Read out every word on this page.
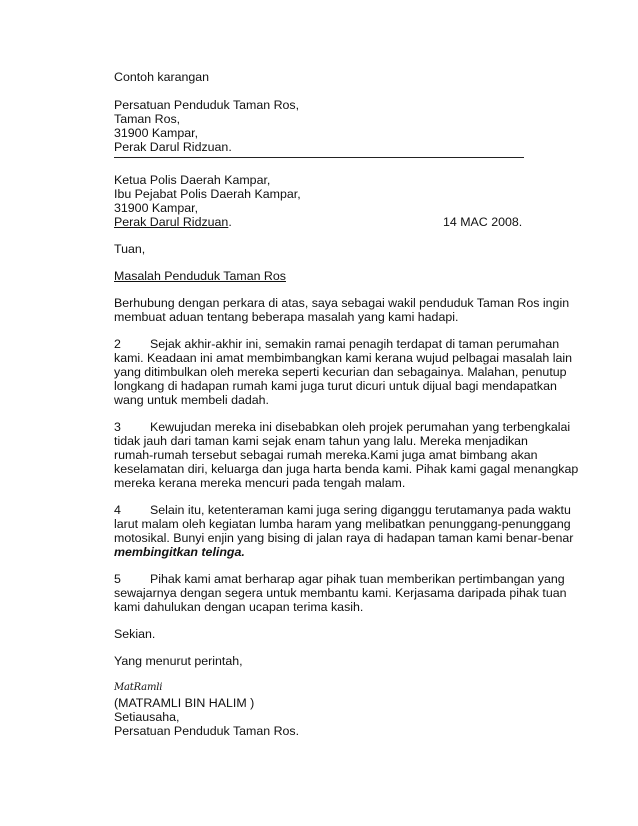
Contoh karangan
Persatuan Penduduk Taman Ros,
Taman Ros,
31900 Kampar,
Perak Darul Ridzuan.
Ketua Polis Daerah Kampar,
Ibu Pejabat Polis Daerah Kampar,
31900 Kampar,
Perak Darul Ridzuan.	14 MAC 2008.
Tuan,
Masalah Penduduk Taman Ros
Berhubung dengan perkara di atas, saya sebagai wakil penduduk Taman Ros ingin
membuat aduan tentang beberapa masalah yang kami hadapi.
2 Sejak akhir-akhir ini, semakin ramai penagih terdapat di taman perumahan
kami. Keadaan ini amat membimbangkan kami kerana wujud pelbagai masalah lain
yang ditimbulkan oleh mereka seperti kecurian dan sebagainya. Malahan, penutup
longkang di hadapan rumah kami juga turut dicuri untuk dijual bagi mendapatkan
wang untuk membeli dadah.
3 Kewujudan mereka ini disebabkan oleh projek perumahan yang terbengkalai
tidak jauh dari taman kami sejak enam tahun yang lalu. Mereka menjadikan
rumah-rumah tersebut sebagai rumah mereka.Kami juga amat bimbang akan
keselamatan diri, keluarga dan juga harta benda kami. Pihak kami gagal menangkap
mereka kerana mereka mencuri pada tengah malam.
4 Selain itu, ketenteraman kami juga sering diganggu terutamanya pada waktu
larut malam oleh kegiatan lumba haram yang melibatkan penunggang-penunggang
motosikal. Bunyi enjin yang bising di jalan raya di hadapan taman kami benar-benar
membingitkan telinga.
5 Pihak kami amat berharap agar pihak tuan memberikan pertimbangan yang
sewajarnya dengan segera untuk membantu kami. Kerjasama daripada pihak tuan
kami dahulukan dengan ucapan terima kasih.
Sekian.
Yang menurut perintah,
MatRamli
(MATRAMLI BIN HALIM )
Setiausaha,
Persatuan Penduduk Taman Ros.
